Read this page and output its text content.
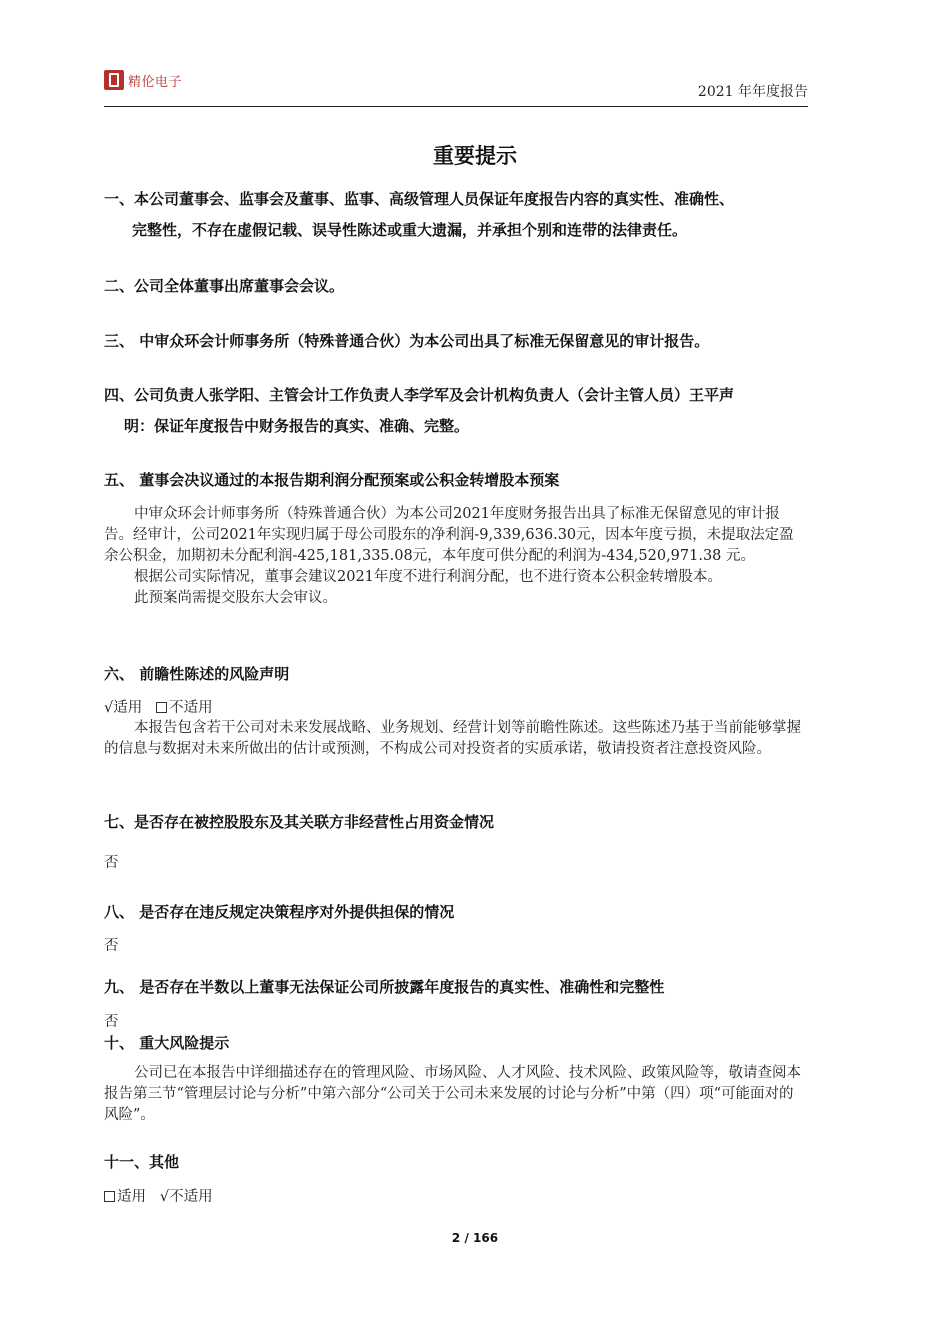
精伦电子
2021 年年度报告
重要提示
一、本公司董事会、监事会及董事、监事、高级管理人员保证年度报告内容的真实性、准确性、
完整性，不存在虚假记载、误导性陈述或重大遗漏，并承担个别和连带的法律责任。
二、公司全体董事出席董事会会议。
三、 中审众环会计师事务所（特殊普通合伙）为本公司出具了标准无保留意见的审计报告。
四、公司负责人张学阳、主管会计工作负责人李学军及会计机构负责人（会计主管人员）王平声
明：保证年度报告中财务报告的真实、准确、完整。
五、 董事会决议通过的本报告期利润分配预案或公积金转增股本预案
中审众环会计师事务所（特殊普通合伙）为本公司2021年度财务报告出具了标准无保留意见的审计报告。经审计，公司2021年实现归属于母公司股东的净利润-9,339,636.30元，因本年度亏损，未提取法定盈余公积金，加期初未分配利润-425,181,335.08元，本年度可供分配的利润为-434,520,971.38 元。
根据公司实际情况，董事会建议2021年度不进行利润分配，也不进行资本公积金转增股本。
此预案尚需提交股东大会审议。
六、 前瞻性陈述的风险声明
√适用 不适用
本报告包含若干公司对未来发展战略、业务规划、经营计划等前瞻性陈述。这些陈述乃基于当前能够掌握的信息与数据对未来所做出的估计或预测，不构成公司对投资者的实质承诺，敬请投资者注意投资风险。
七、是否存在被控股股东及其关联方非经营性占用资金情况
否
八、 是否存在违反规定决策程序对外提供担保的情况
否
九、 是否存在半数以上董事无法保证公司所披露年度报告的真实性、准确性和完整性
否
十、 重大风险提示
公司已在本报告中详细描述存在的管理风险、市场风险、人才风险、技术风险、政策风险等，敬请查阅本报告第三节“管理层讨论与分析”中第六部分“公司关于公司未来发展的讨论与分析”中第（四）项“可能面对的风险”。
十一、其他
适用 √不适用
2 / 166
